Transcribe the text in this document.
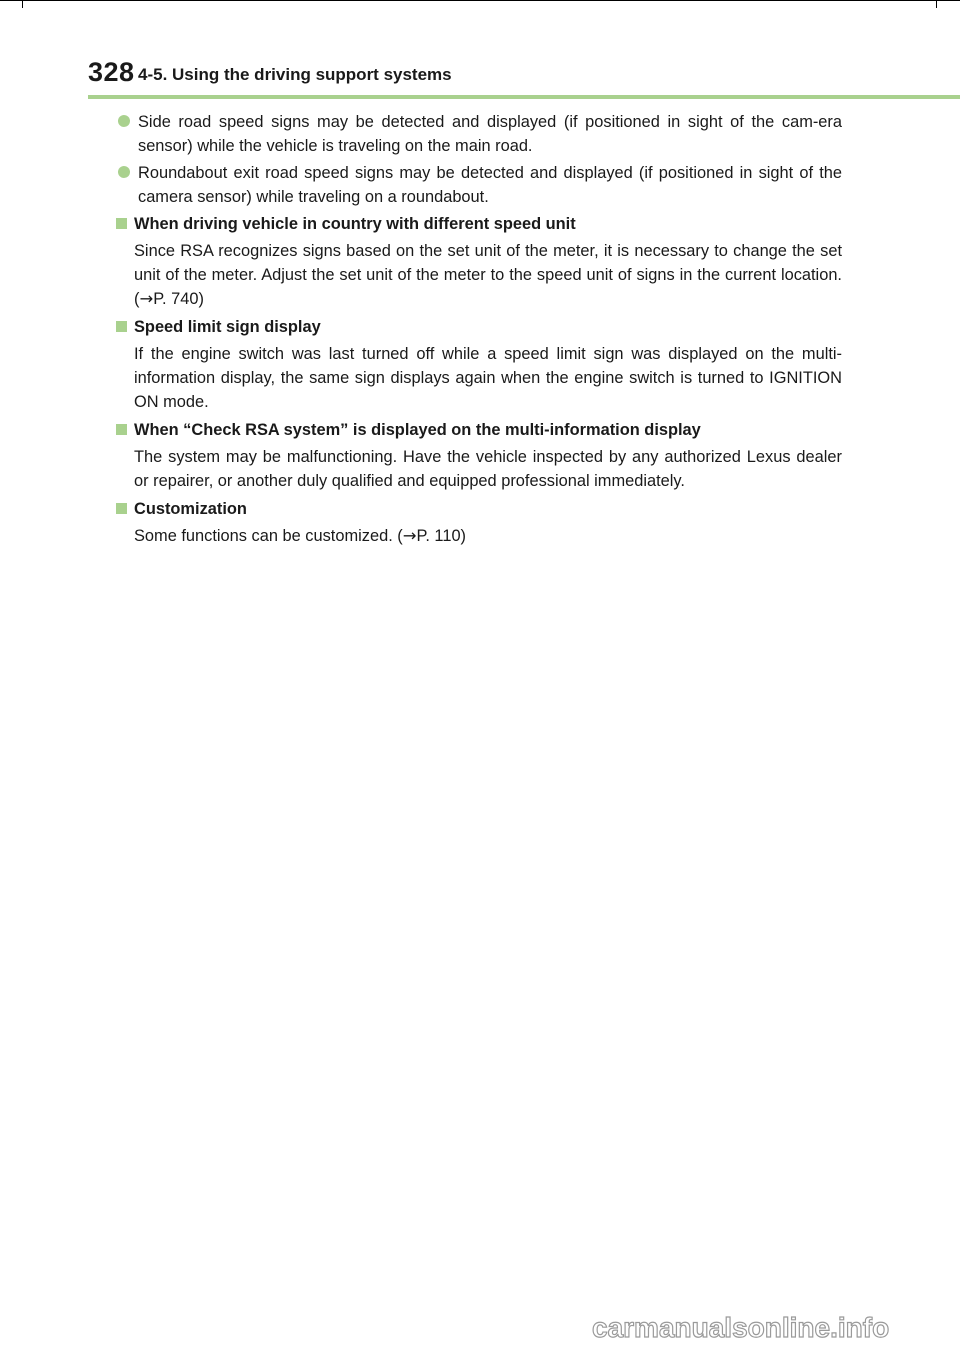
328 4-5. Using the driving support systems
Side road speed signs may be detected and displayed (if positioned in sight of the cam-era sensor) while the vehicle is traveling on the main road.
Roundabout exit road speed signs may be detected and displayed (if positioned in sight of the camera sensor) while traveling on a roundabout.
When driving vehicle in country with different speed unit
Since RSA recognizes signs based on the set unit of the meter, it is necessary to change the set unit of the meter. Adjust the set unit of the meter to the speed unit of signs in the current location. (→P. 740)
Speed limit sign display
If the engine switch was last turned off while a speed limit sign was displayed on the multi-information display, the same sign displays again when the engine switch is turned to IGNITION ON mode.
When “Check RSA system” is displayed on the multi-information display
The system may be malfunctioning. Have the vehicle inspected by any authorized Lexus dealer or repairer, or another duly qualified and equipped professional immediately.
Customization
Some functions can be customized. (→P. 110)
carmanualsonline.info
